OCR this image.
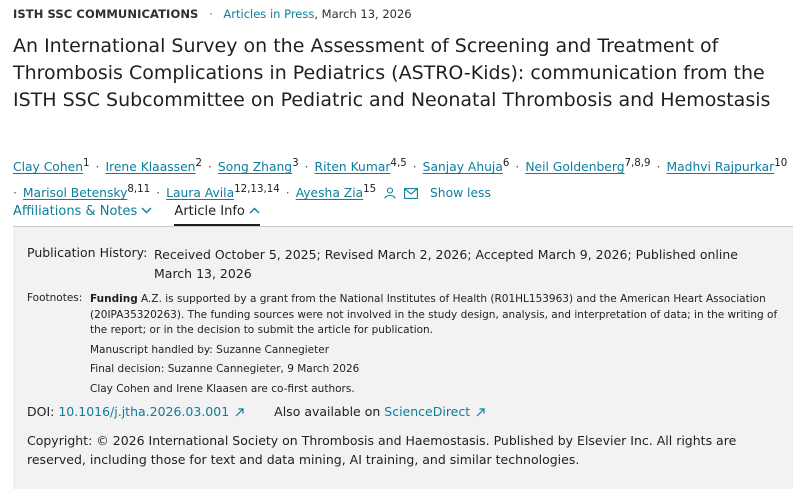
ISTH SSC COMMUNICATIONS · Articles in Press, March 13, 2026
An International Survey on the Assessment of Screening and Treatment of Thrombosis Complications in Pediatrics (ASTRO-Kids): communication from the ISTH SSC Subcommittee on Pediatric and Neonatal Thrombosis and Hemostasis
Clay Cohen$^1$ · Irene Klaassen$^2$ · Song Zhang$^3$ · Riten Kumar$^{4,5}$ · Sanjay Ahuja$^6$ · Neil Goldenberg$^{7,8,9}$ · Madhvi Rajpurkar$^{10}$
· Marisol Betensky$^{8,11}$ · Laura Avila$^{12,13,14}$ · Ayesha Zia$^{15}$	Show less
Affiliations & Notes	Article Info
Publication History: Received October 5, 2025; Revised March 2, 2026; Accepted March 9, 2026; Published online March 13, 2026
Footnotes: Funding A.Z. is supported by a grant from the National Institutes of Health (R01HL153963) and the American Heart Association (20IPA35320263). The funding sources were not involved in the study design, analysis, and interpretation of data; in the writing of the report; or in the decision to submit the article for publication.

Manuscript handled by: Suzanne Cannegieter

Final decision: Suzanne Cannegieter, 9 March 2026

Clay Cohen and Irene Klaasen are co-first authors.

DOI: 10.1016/j.jtha.2026.03.001	Also available on ScienceDirect
Copyright: © 2026 International Society on Thrombosis and Haemostasis. Published by Elsevier Inc. All rights are reserved, including those for text and data mining, AI training, and similar technologies.
